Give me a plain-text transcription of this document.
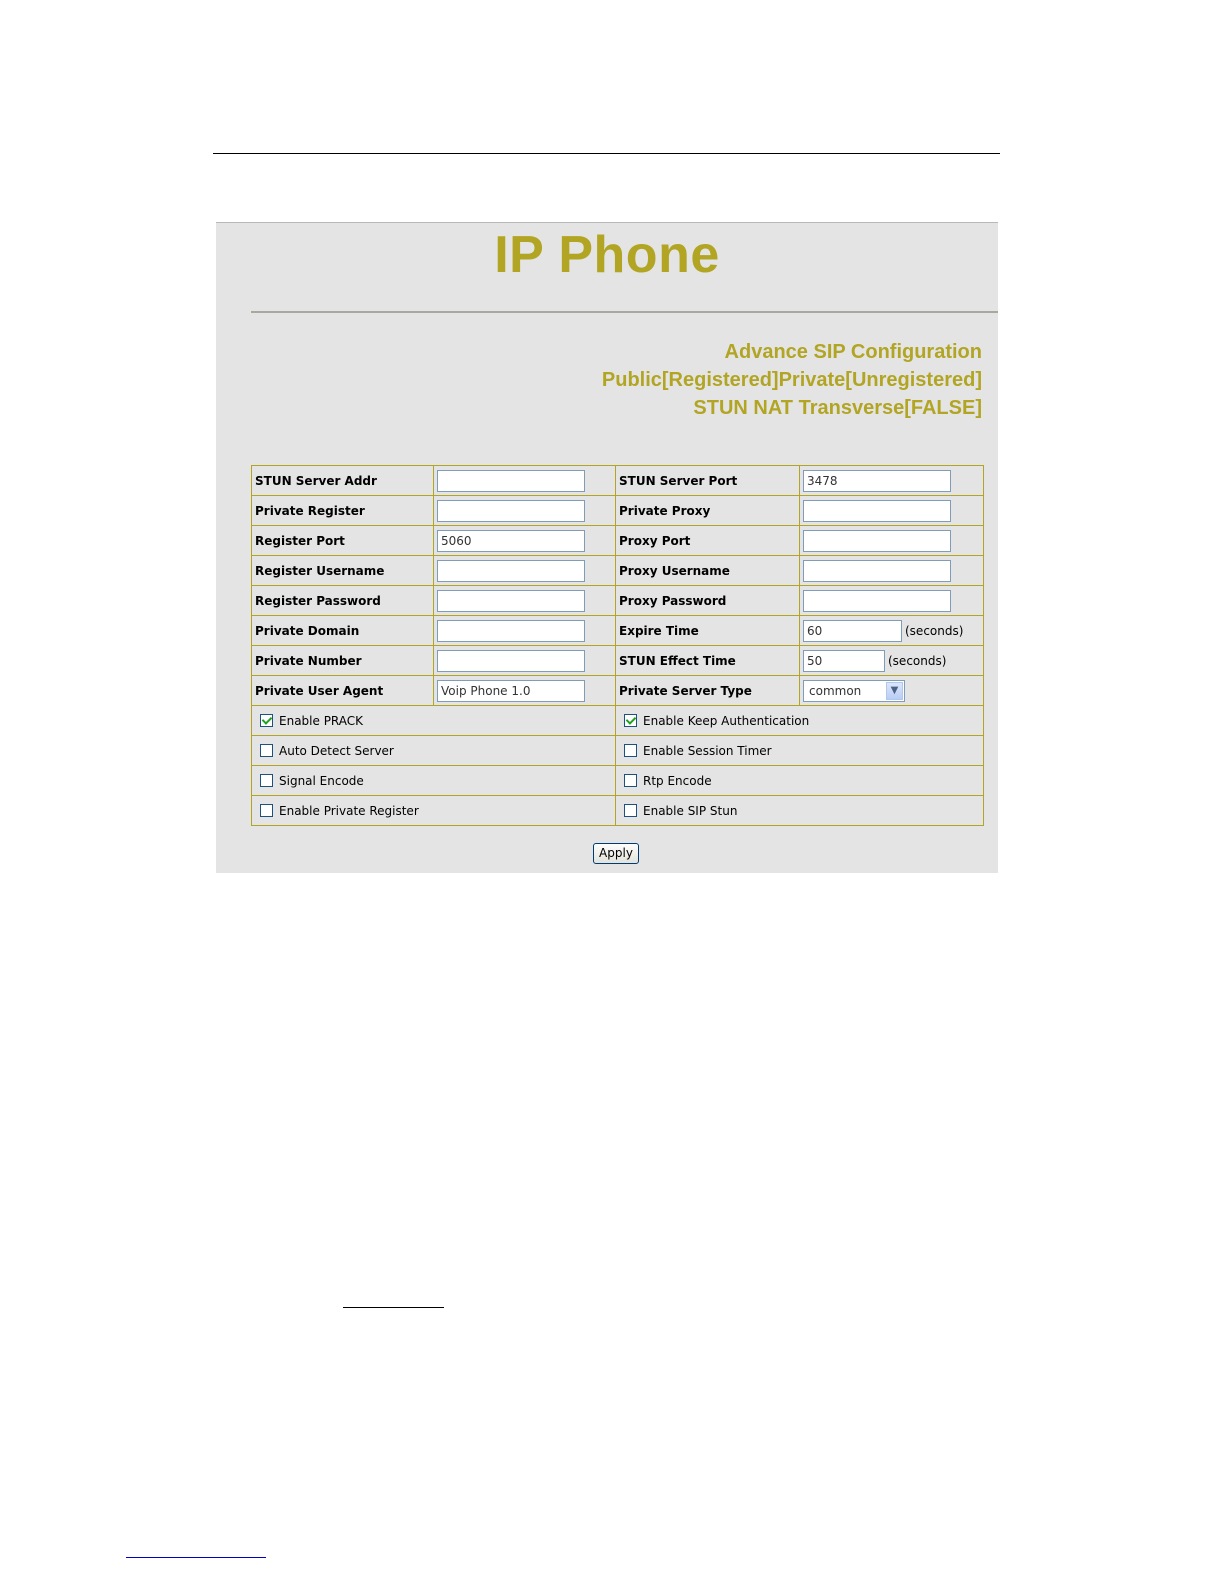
IP Phone
Advance SIP Configuration
Public[Registered]Private[Unregistered]
STUN NAT Transverse[FALSE]
STUN Server Addr		STUN Server Port	3478
Private Register		Private Proxy	
Register Port	5060	Proxy Port	
Register Username		Proxy Username	
Register Password		Proxy Password	
Private Domain		Expire Time	60(seconds)
Private Number		STUN Effect Time	50(seconds)
Private User Agent	Voip Phone 1.0	Private Server Type	common ▼

Enable PRACK		Enable Keep Authentication	
Auto Detect Server		Enable Session Timer	
Signal Encode		Rtp Encode	
Enable Private Register		Enable SIP Stun	
Apply
